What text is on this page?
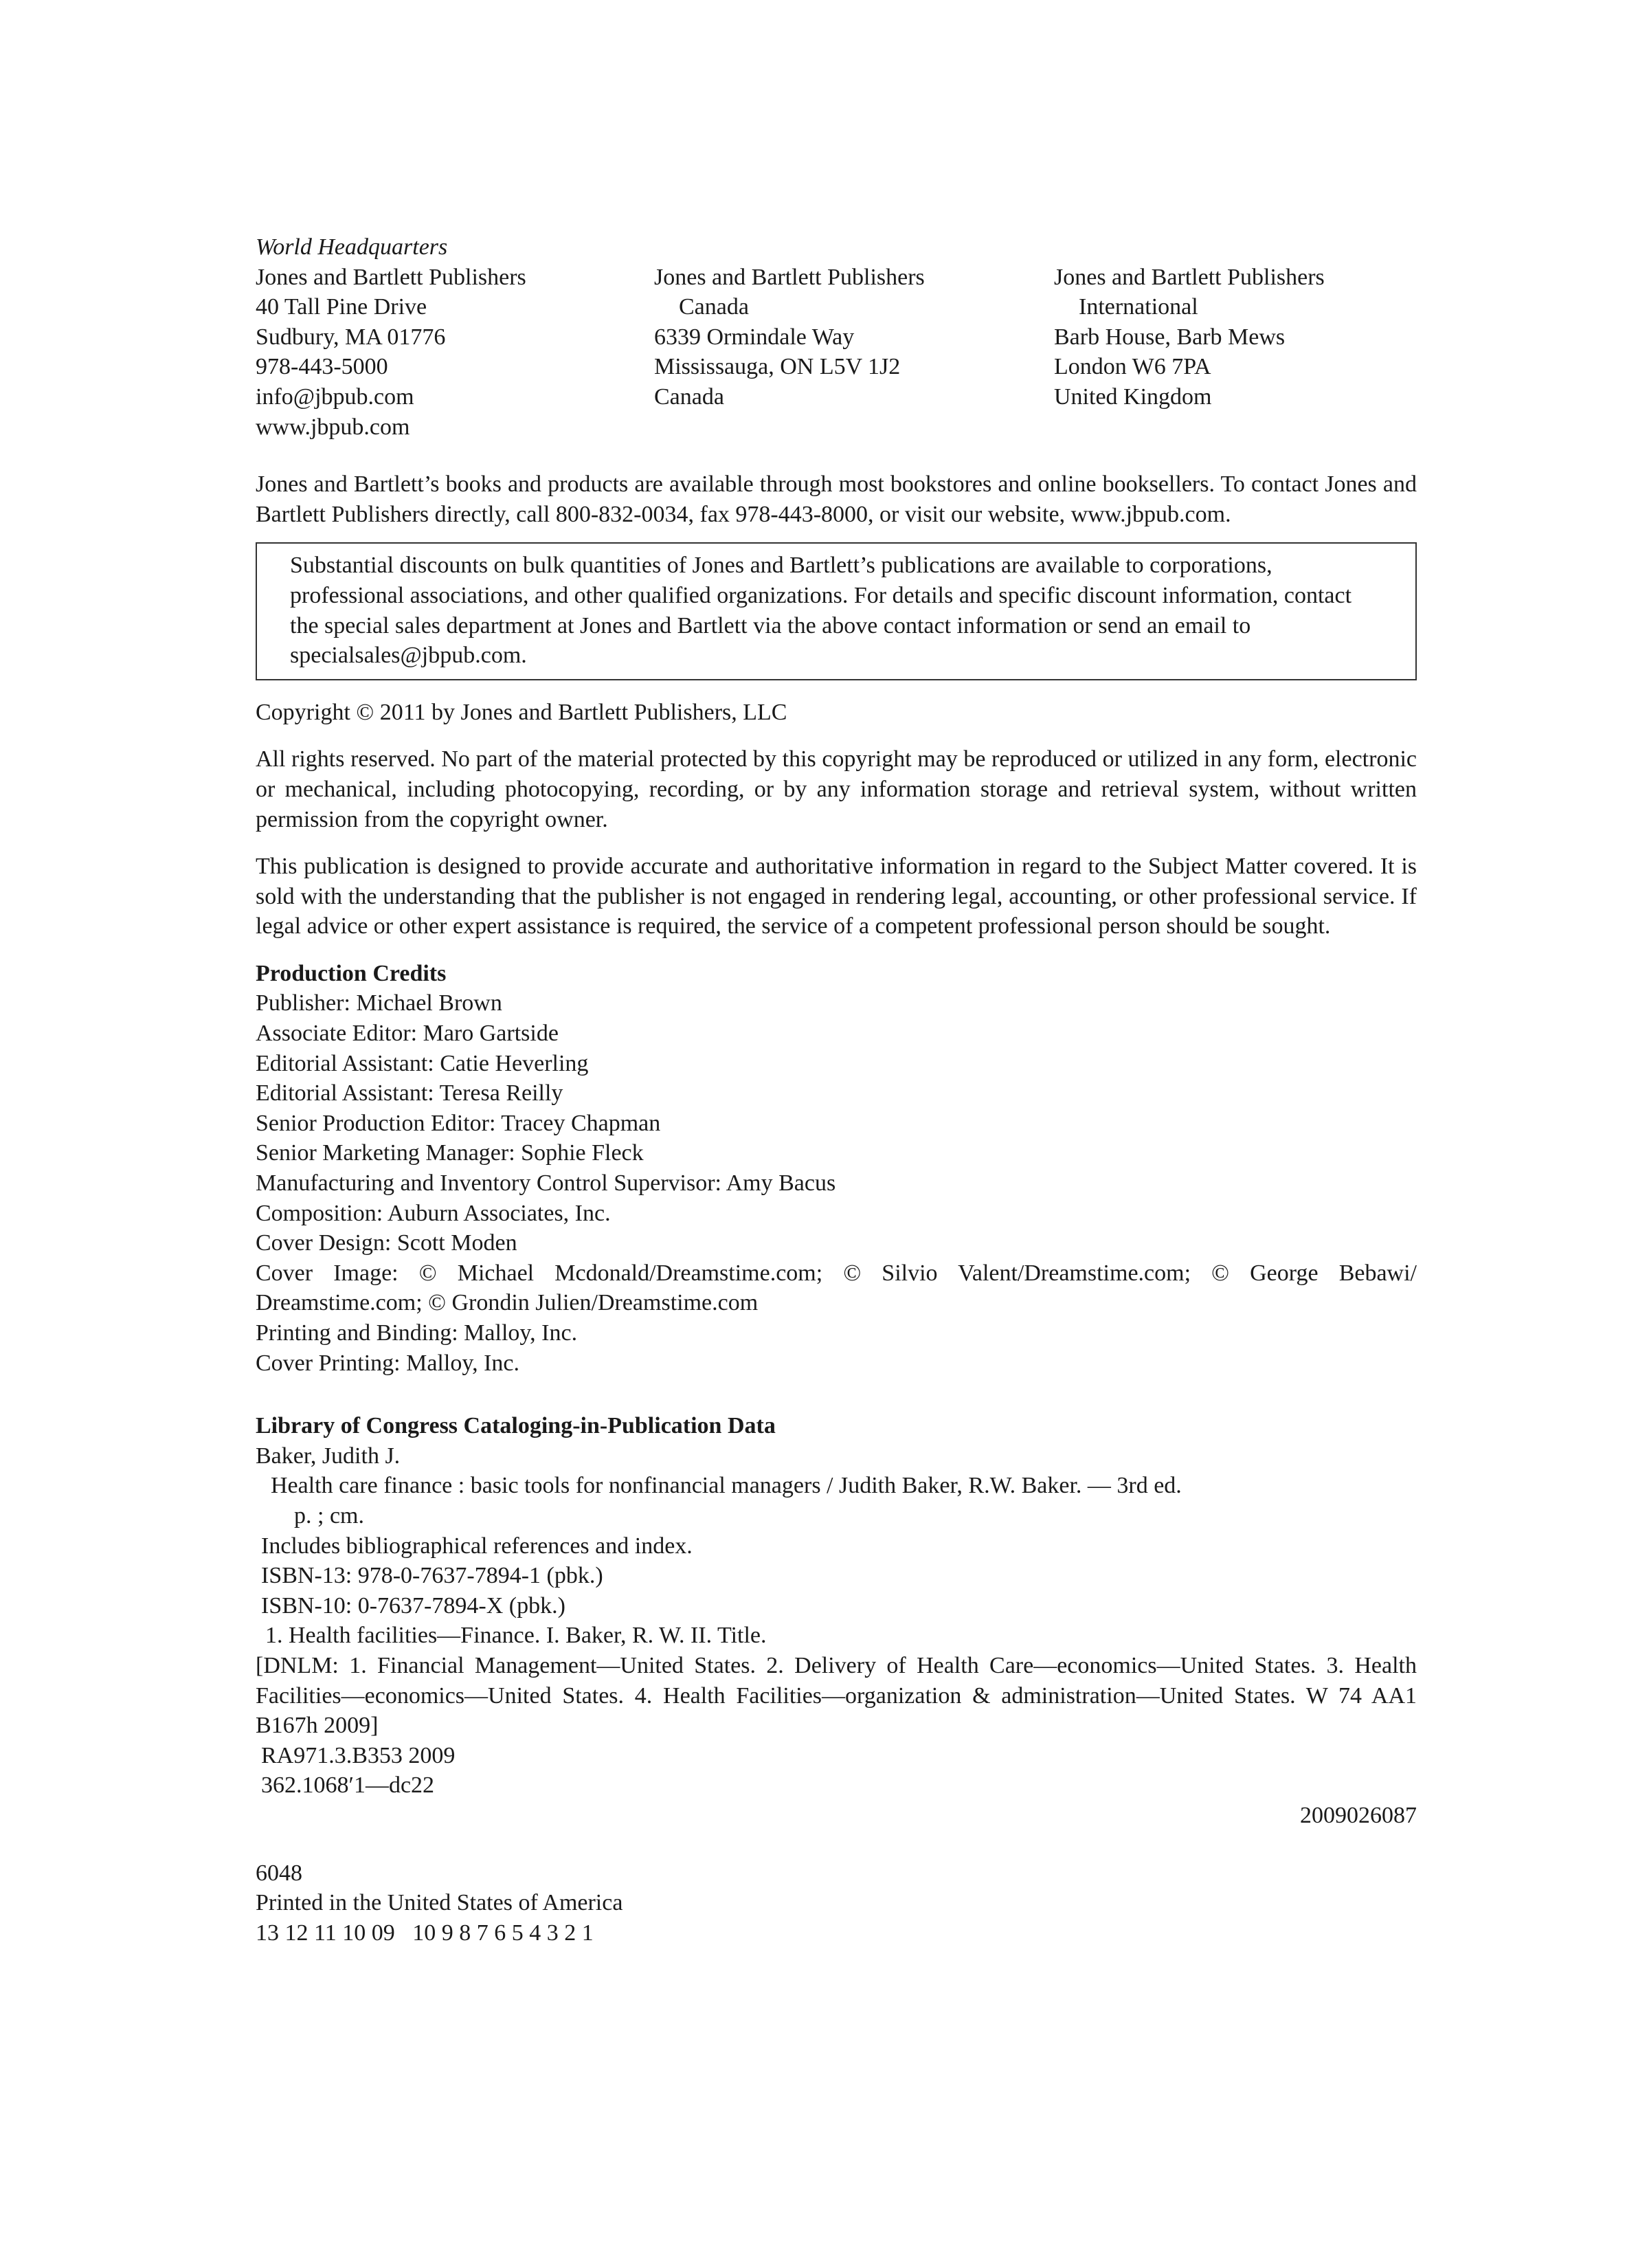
World Headquarters
Jones and Bartlett Publishers
40 Tall Pine Drive
Sudbury, MA 01776
978-443-5000
info@jbpub.com
www.jbpub.com
Jones and Bartlett Publishers
Canada
6339 Ormindale Way
Mississauga, ON L5V 1J2
Canada
Jones and Bartlett Publishers
International
Barb House, Barb Mews
London W6 7PA
United Kingdom

Jones and Bartlett’s books and products are available through most bookstores and online booksellers. To contact Jones and Bartlett Publishers directly, call 800-832-0034, fax 978-443-8000, or visit our website, www.jbpub.com.

Substantial discounts on bulk quantities of Jones and Bartlett’s publications are available to corporations, professional associations, and other qualified organizations. For details and specific discount information, contact the special sales department at Jones and Bartlett via the above contact information or send an email to specialsales@jbpub.com.

Copyright © 2011 by Jones and Bartlett Publishers, LLC

All rights reserved. No part of the material protected by this copyright may be reproduced or utilized in any form, electronic or mechanical, including photocopying, recording, or by any information storage and retrieval system, without written permission from the copyright owner.

This publication is designed to provide accurate and authoritative information in regard to the Subject Matter covered. It is sold with the understanding that the publisher is not engaged in rendering legal, accounting, or other professional service. If legal advice or other expert assistance is required, the service of a competent professional person should be sought.

Production Credits
Publisher: Michael Brown
Associate Editor: Maro Gartside
Editorial Assistant: Catie Heverling
Editorial Assistant: Teresa Reilly
Senior Production Editor: Tracey Chapman
Senior Marketing Manager: Sophie Fleck
Manufacturing and Inventory Control Supervisor: Amy Bacus
Composition: Auburn Associates, Inc.
Cover Design: Scott Moden

Cover Image: © Michael Mcdonald/Dreamstime.com; © Silvio Valent/Dreamstime.com; © George Bebawi/ Dreamstime.com; © Grondin Julien/Dreamstime.com

Printing and Binding: Malloy, Inc.
Cover Printing: Malloy, Inc.
Library of Congress Cataloging-in-Publication Data
Baker, Judith J.
Health care finance : basic tools for nonfinancial managers / Judith Baker, R.W. Baker. — 3rd ed.
p. ; cm.
Includes bibliographical references and index.
ISBN-13: 978-0-7637-7894-1 (pbk.)
ISBN-10: 0-7637-7894-X (pbk.)
1. Health facilities—Finance. I. Baker, R. W. II. Title.

[DNLM: 1. Financial Management—United States. 2. Delivery of Health Care—economics—United States. 3. Health Facilities—economics—United States. 4. Health Facilities—organization & administration—United States. W 74 AA1 B167h 2009]

RA971.3.B353 2009
362.1068′1—dc22
2009026087
6048
Printed in the United States of America
13 12 11 10 09   10 9 8 7 6 5 4 3 2 1
